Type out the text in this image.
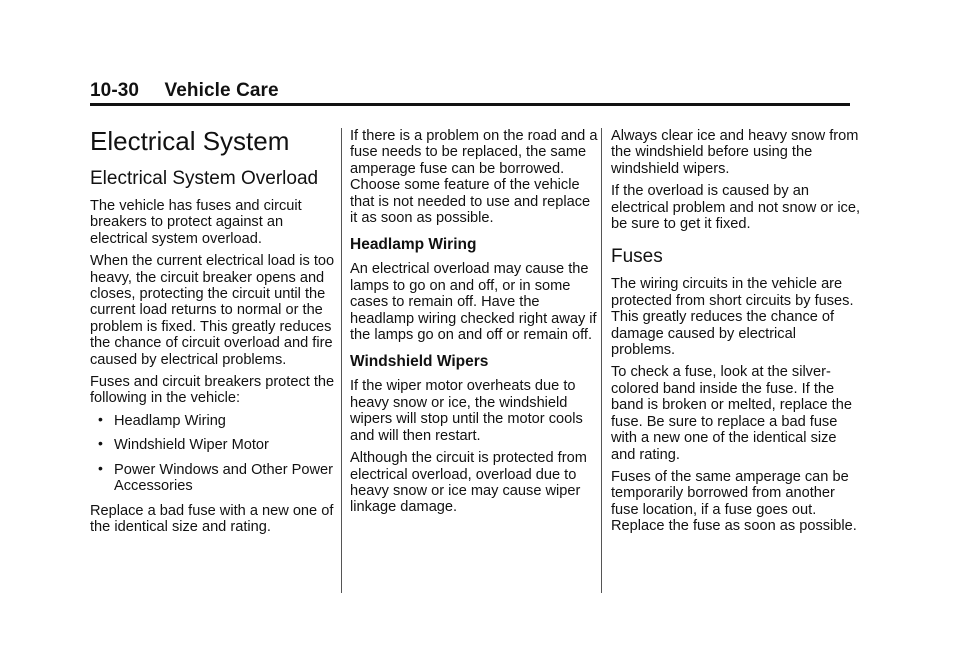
10-30 Vehicle Care
Electrical System
Electrical System Overload

The vehicle has fuses and circuit breakers to protect against an electrical system overload.

When the current electrical load is too heavy, the circuit breaker opens and closes, protecting the circuit until the current load returns to normal or the problem is fixed. This greatly reduces the chance of circuit overload and fire caused by electrical problems.

Fuses and circuit breakers protect the following in the vehicle:

• Headlamp Wiring
• Windshield Wiper Motor
• Power Windows and Other Power Accessories

Replace a bad fuse with a new one of the identical size and rating.

If there is a problem on the road and a fuse needs to be replaced, the same amperage fuse can be borrowed. Choose some feature of the vehicle that is not needed to use and replace it as soon as possible.

Headlamp Wiring

An electrical overload may cause the lamps to go on and off, or in some cases to remain off. Have the headlamp wiring checked right away if the lamps go on and off or remain off.

Windshield Wipers

If the wiper motor overheats due to heavy snow or ice, the windshield wipers will stop until the motor cools and will then restart.

Although the circuit is protected from electrical overload, overload due to heavy snow or ice may cause wiper linkage damage.

Always clear ice and heavy snow from the windshield before using the windshield wipers.

If the overload is caused by an electrical problem and not snow or ice, be sure to get it fixed.

Fuses

The wiring circuits in the vehicle are protected from short circuits by fuses. This greatly reduces the chance of damage caused by electrical problems.

To check a fuse, look at the silver-colored band inside the fuse. If the band is broken or melted, replace the fuse. Be sure to replace a bad fuse with a new one of the identical size and rating.

Fuses of the same amperage can be temporarily borrowed from another fuse location, if a fuse goes out. Replace the fuse as soon as possible.
